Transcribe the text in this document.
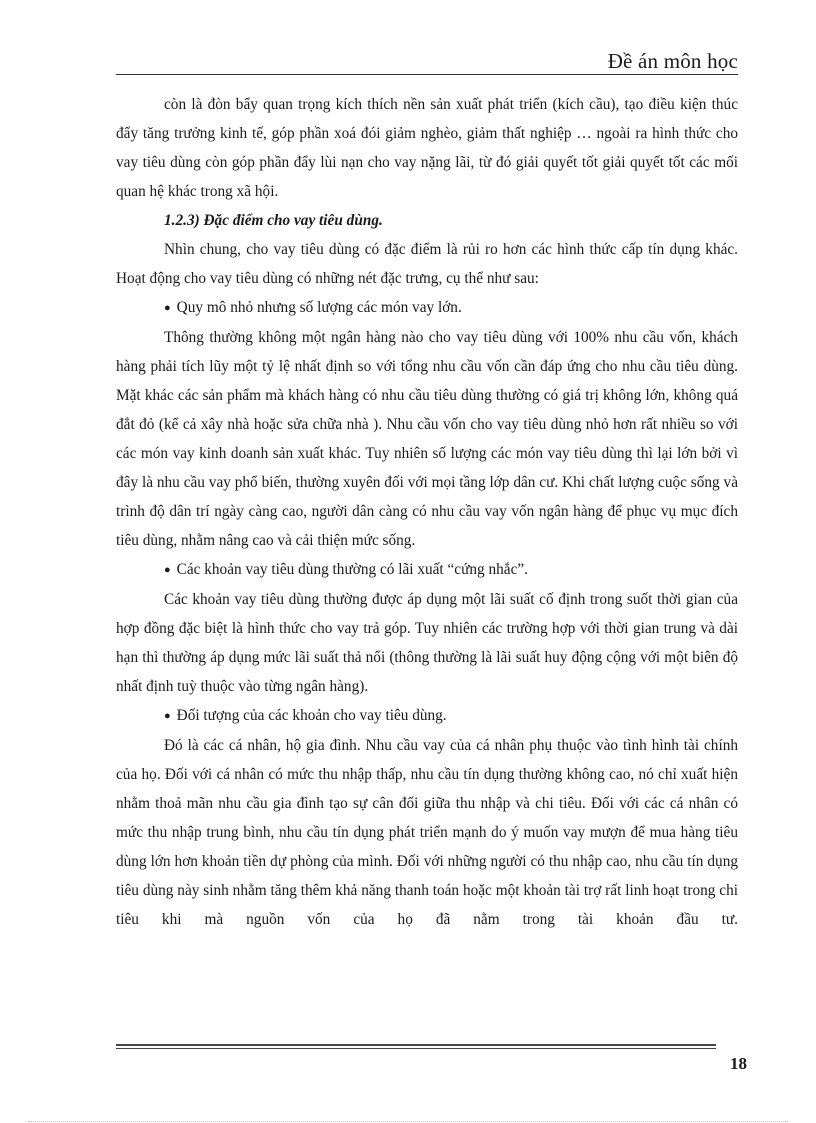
Đề án môn học

còn là đòn bẩy quan trọng kích thích nền sản xuất phát triển (kích cầu), tạo điều kiện thúc đẩy tăng trưởng kinh tế, góp phần xoá đói giảm nghèo, giảm thất nghiệp … ngoài ra hình thức cho vay tiêu dùng còn góp phần đẩy lùi nạn cho vay nặng lãi, từ đó giải quyết tốt giải quyết tốt các mối quan hệ khác trong xã hội.

1.2.3) Đặc điểm cho vay tiêu dùng.

Nhìn chung, cho vay tiêu dùng có đặc điểm là rủi ro hơn các hình thức cấp tín dụng khác. Hoạt động cho vay tiêu dùng có những nét đặc trưng, cụ thể như sau:

● Quy mô nhỏ nhưng số lượng các món vay lớn.

Thông thường không một ngân hàng nào cho vay tiêu dùng với 100% nhu cầu vốn, khách hàng phải tích lũy một tỷ lệ nhất định so với tổng nhu cầu vốn cần đáp ứng cho nhu cầu tiêu dùng. Mặt khác các sản phẩm mà khách hàng có nhu cầu tiêu dùng thường có giá trị không lớn, không quá đắt đỏ (kể cả xây nhà hoặc sửa chữa nhà ). Nhu cầu vốn cho vay tiêu dùng nhỏ hơn rất nhiều so với các món vay kinh doanh sản xuất khác. Tuy nhiên số lượng các món vay tiêu dùng thì lại lớn bởi vì đây là nhu cầu vay phổ biến, thường xuyên đối với mọi tầng lớp dân cư. Khi chất lượng cuộc sống và trình độ dân trí ngày càng cao, người dân càng có nhu cầu vay vốn ngân hàng để phục vụ mục đích tiêu dùng, nhằm nâng cao và cải thiện mức sống.

● Các khoản vay tiêu dùng thường có lãi xuất “cứng nhắc”.

Các khoản vay tiêu dùng thường được áp dụng một lãi suất cố định trong suốt thời gian của hợp đồng đặc biệt là hình thức cho vay trả góp. Tuy nhiên các trường hợp với thời gian trung và dài hạn thì thường áp dụng mức lãi suất thả nổi (thông thường là lãi suất huy động cộng với một biên độ nhất định tuỳ thuộc vào từng ngân hàng).

● Đối tượng của các khoản cho vay tiêu dùng.

Đó là các cá nhân, hộ gia đình. Nhu cầu vay của cá nhân phụ thuộc vào tình hình tài chính của họ. Đối với cá nhân có mức thu nhập thấp, nhu cầu tín dụng thường không cao, nó chỉ xuất hiện nhằm thoả mãn nhu cầu gia đình tạo sự cân đối giữa thu nhập và chi tiêu. Đối với các cá nhân có mức thu nhập trung bình, nhu cầu tín dụng phát triển mạnh do ý muốn vay mượn để mua hàng tiêu dùng lớn hơn khoản tiền dự phòng của mình. Đối với những người có thu nhập cao, nhu cầu tín dụng tiêu dùng này sinh nhằm tăng thêm khả năng thanh toán hoặc một khoản tài trợ rất linh hoạt trong chi tiêu khi mà nguồn vốn của họ đã nằm trong tài khoản đầu tư.

18
